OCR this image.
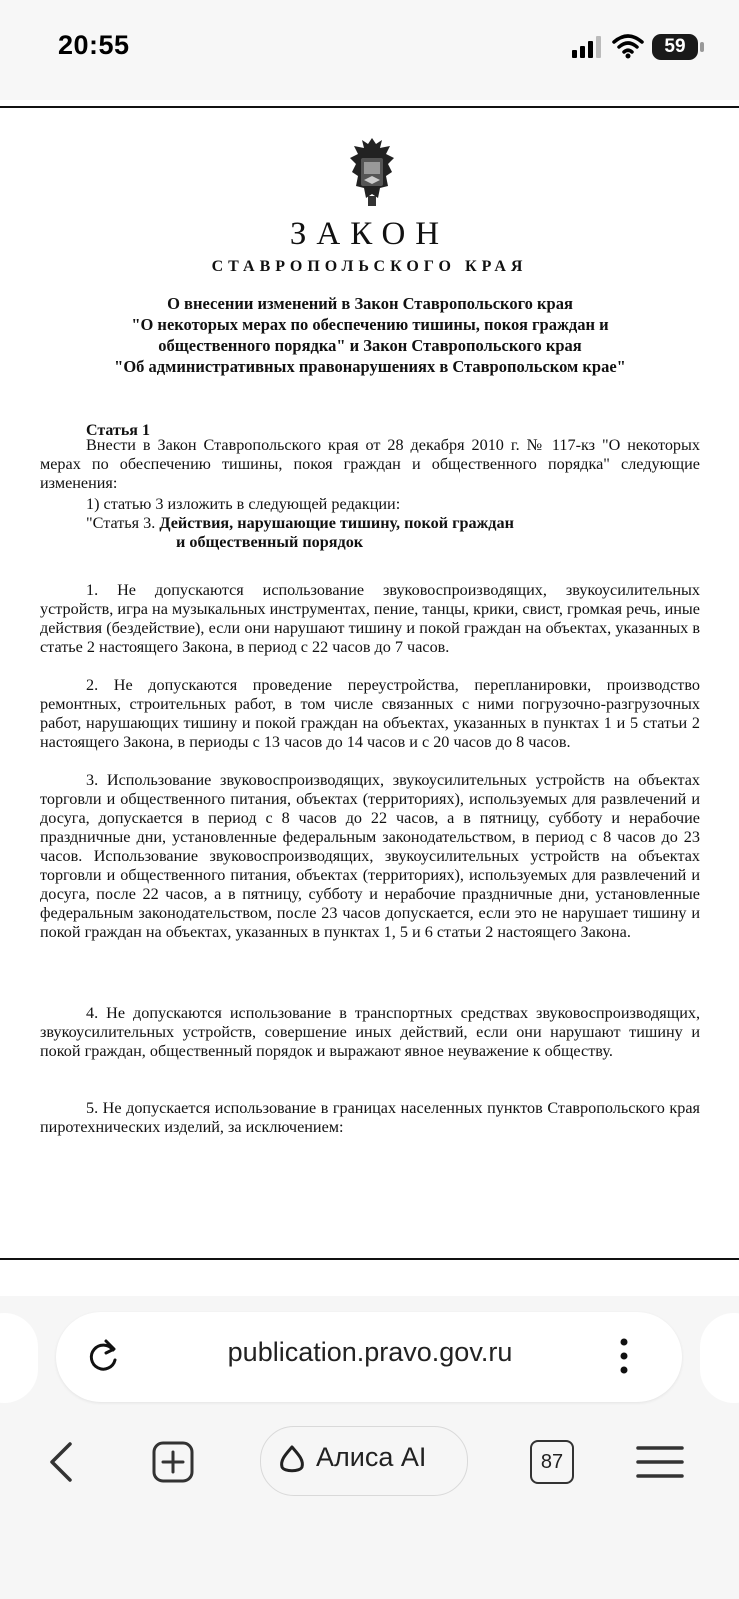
20:55	59
ЗАКОН
СТАВРОПОЛЬСКОГО КРАЯ
О внесении изменений в Закон Ставропольского края
"О некоторых мерах по обеспечению тишины, покоя граждан и
общественного порядка" и Закон Ставропольского края
"Об административных правонарушениях в Ставропольском крае"
Статья 1
Внести в Закон Ставропольского края от 28 декабря 2010 г. № 117-кз "О некоторых мерах по обеспечению тишины, покоя граждан и общественного порядка" следующие изменения:
1) статью 3 изложить в следующей редакции:
"Статья 3. Действия, нарушающие тишину, покой граждан
и общественный порядок
1. Не допускаются использование звуковоспроизводящих, звукоусилительных устройств, игра на музыкальных инструментах, пение, танцы, крики, свист, громкая речь, иные действия (бездействие), если они нарушают тишину и покой граждан на объектах, указанных в статье 2 настоящего Закона, в период с 22 часов до 7 часов.
2. Не допускаются проведение переустройства, перепланировки, производство ремонтных, строительных работ, в том числе связанных с ними погрузочно-разгрузочных работ, нарушающих тишину и покой граждан на объектах, указанных в пунктах 1 и 5 статьи 2 настоящего Закона, в периоды с 13 часов до 14 часов и с 20 часов до 8 часов.
3. Использование звуковоспроизводящих, звукоусилительных устройств на объектах торговли и общественного питания, объектах (территориях), используемых для развлечений и досуга, допускается в период с 8 часов до 22 часов, а в пятницу, субботу и нерабочие праздничные дни, установленные федеральным законодательством, в период с 8 часов до 23 часов. Использование звуковоспроизводящих, звукоусилительных устройств на объектах торговли и общественного питания, объектах (территориях), используемых для развлечений и досуга, после 22 часов, а в пятницу, субботу и нерабочие праздничные дни, установленные федеральным законодательством, после 23 часов допускается, если это не нарушает тишину и покой граждан на объектах, указанных в пунктах 1, 5 и 6 статьи 2 настоящего Закона.
4. Не допускаются использование в транспортных средствах звуковоспроизводящих, звукоусилительных устройств, совершение иных действий, если они нарушают тишину и покой граждан, общественный порядок и выражают явное неуважение к обществу.
5. Не допускается использование в границах населенных пунктов Ставропольского края пиротехнических изделий, за исключением:
publication.pravo.gov.ru
Алиса AI	87
